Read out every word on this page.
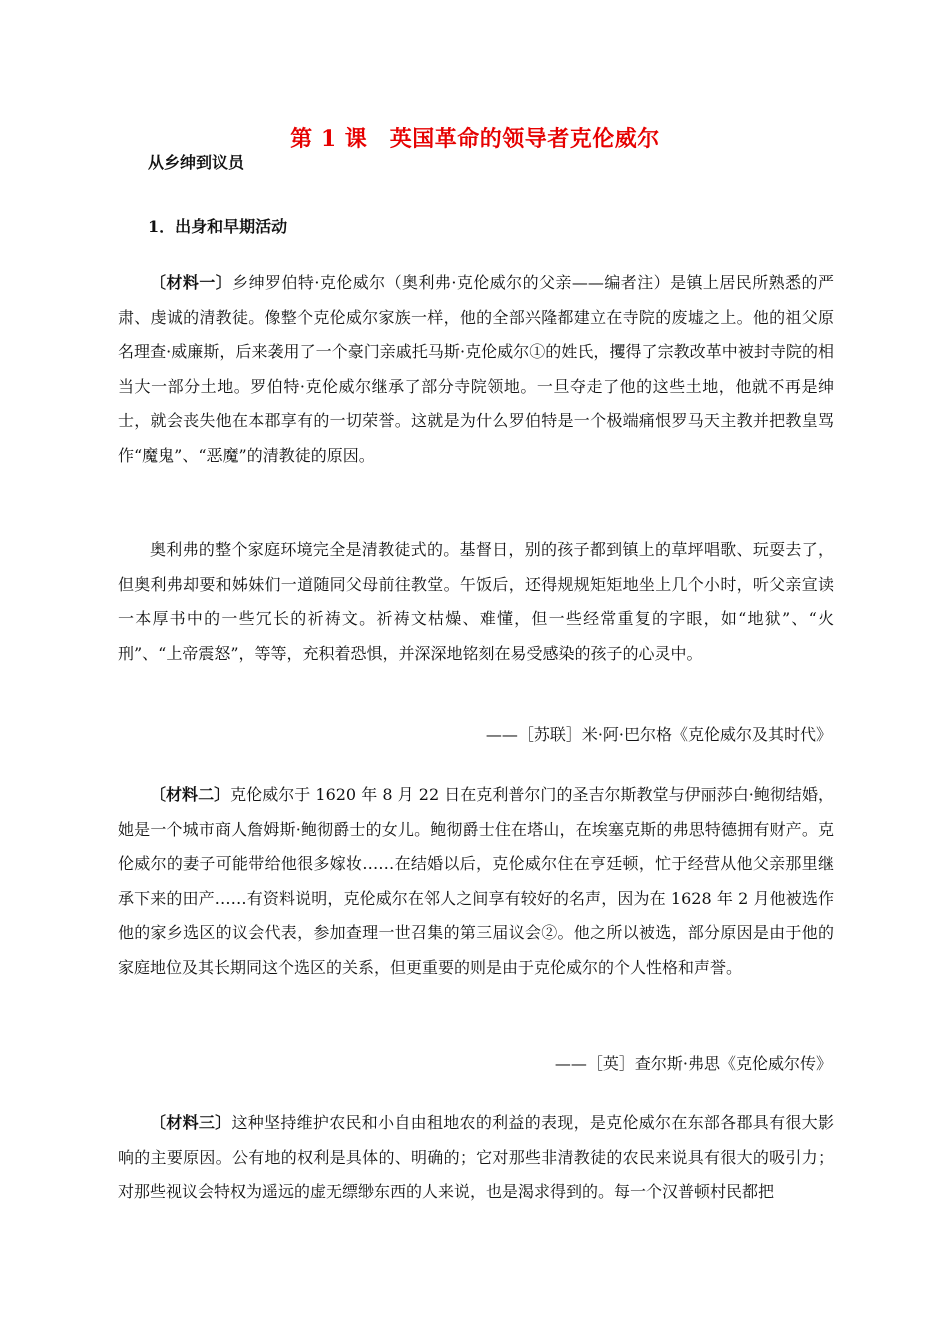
第 1 课　英国革命的领导者克伦威尔
从乡绅到议员
1．出身和早期活动

〔材料一〕乡绅罗伯特·克伦威尔（奥利弗·克伦威尔的父亲——编者注）是镇上居民所熟悉的严肃、虔诚的清教徒。像整个克伦威尔家族一样，他的全部兴隆都建立在寺院的废墟之上。他的祖父原名理查·威廉斯，后来袭用了一个豪门亲戚托马斯·克伦威尔①的姓氏，攫得了宗教改革中被封寺院的相当大一部分土地。罗伯特·克伦威尔继承了部分寺院领地。一旦夺走了他的这些土地，他就不再是绅士，就会丧失他在本郡享有的一切荣誉。这就是为什么罗伯特是一个极端痛恨罗马天主教并把教皇骂作“魔鬼”、“恶魔”的清教徒的原因。

奥利弗的整个家庭环境完全是清教徒式的。基督日，别的孩子都到镇上的草坪唱歌、玩耍去了，但奥利弗却要和姊妹们一道随同父母前往教堂。午饭后，还得规规矩矩地坐上几个小时，听父亲宣读一本厚书中的一些冗长的祈祷文。祈祷文枯燥、难懂，但一些经常重复的字眼，如“地狱”、“火刑”、“上帝震怒”，等等，充积着恐惧，并深深地铭刻在易受感染的孩子的心灵中。

——［苏联］米·阿·巴尔格《克伦威尔及其时代》

〔材料二〕克伦威尔于 1620 年 8 月 22 日在克利普尔门的圣吉尔斯教堂与伊丽莎白·鲍彻结婚，她是一个城市商人詹姆斯·鲍彻爵士的女儿。鲍彻爵士住在塔山，在埃塞克斯的弗思特德拥有财产。克伦威尔的妻子可能带给他很多嫁妆……在结婚以后，克伦威尔住在亨廷顿，忙于经营从他父亲那里继承下来的田产……有资料说明，克伦威尔在邻人之间享有较好的名声，因为在 1628 年 2 月他被选作他的家乡选区的议会代表，参加查理一世召集的第三届议会②。他之所以被选，部分原因是由于他的家庭地位及其长期同这个选区的关系，但更重要的则是由于克伦威尔的个人性格和声誉。

——［英］查尔斯·弗思《克伦威尔传》

〔材料三〕这种坚持维护农民和小自由租地农的利益的表现，是克伦威尔在东部各郡具有很大影响的主要原因。公有地的权利是具体的、明确的；它对那些非清教徒的农民来说具有很大的吸引力；对那些视议会特权为遥远的虚无缥缈东西的人来说，也是渴求得到的。每一个汉普顿村民都把
